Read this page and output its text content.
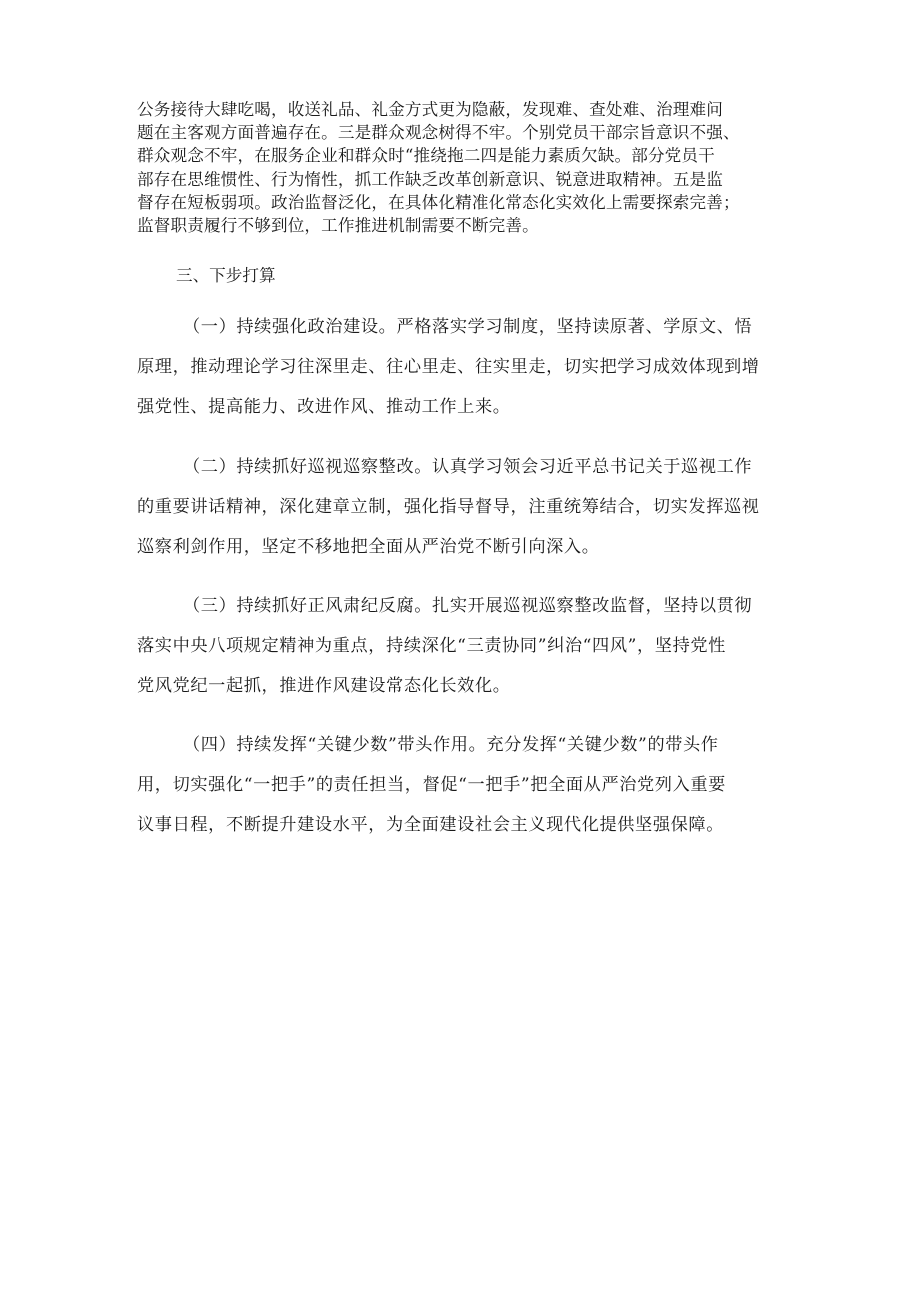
公务接待大肆吃喝，收送礼品、礼金方式更为隐蔽，发现难、查处难、治理难问
题在主客观方面普遍存在。三是群众观念树得不牢。个别党员干部宗旨意识不强、
群众观念不牢，在服务企业和群众时“推绕拖二四是能力素质欠缺。部分党员干
部存在思维惯性、行为惰性，抓工作缺乏改革创新意识、锐意进取精神。五是监
督存在短板弱项。政治监督泛化，在具体化精准化常态化实效化上需要探索完善；
监督职责履行不够到位，工作推进机制需要不断完善。

三、下步打算

（一）持续强化政治建设。严格落实学习制度，坚持读原著、学原文、悟
原理，推动理论学习往深里走、往心里走、往实里走，切实把学习成效体现到增
强党性、提高能力、改进作风、推动工作上来。

（二）持续抓好巡视巡察整改。认真学习领会习近平总书记关于巡视工作
的重要讲话精神，深化建章立制，强化指导督导，注重统筹结合，切实发挥巡视
巡察利剑作用，坚定不移地把全面从严治党不断引向深入。

（三）持续抓好正风肃纪反腐。扎实开展巡视巡察整改监督，坚持以贯彻
落实中央八项规定精神为重点，持续深化“三责协同”纠治“四风”，坚持党性
党风党纪一起抓，推进作风建设常态化长效化。

（四）持续发挥“关键少数”带头作用。充分发挥“关键少数”的带头作
用，切实强化“一把手”的责任担当，督促“一把手”把全面从严治党列入重要
议事日程，不断提升建设水平，为全面建设社会主义现代化提供坚强保障。
